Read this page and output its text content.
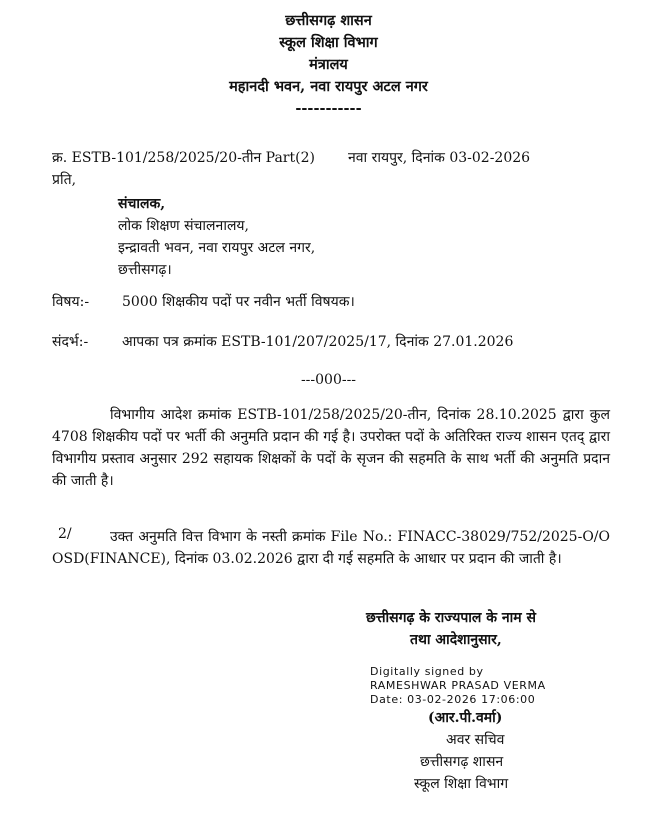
छत्तीसगढ़ शासन
स्कूल शिक्षा विभाग
मंत्रालय
महानदी भवन, नवा रायपुर अटल नगर
-----------
क्र. ESTB-101/258/2025/20-तीन Part(2) नवा रायपुर, दिनांक 03-02-2026
प्रति,
संचालक,
लोक शिक्षण संचालनालय,
इन्द्रावती भवन, नवा रायपुर अटल नगर,
छत्तीसगढ़।
विषय:- 5000 शिक्षकीय पदों पर नवीन भर्ती विषयक।
संदर्भ:- आपका पत्र क्रमांक ESTB-101/207/2025/17, दिनांक 27.01.2026
---000---
विभागीय आदेश क्रमांक ESTB-101/258/2025/20-तीन, दिनांक 28.10.2025 द्वारा कुल 4708 शिक्षकीय पदों पर भर्ती की अनुमति प्रदान की गई है। उपरोक्त पदों के अतिरिक्त राज्य शासन एतद् द्वारा विभागीय प्रस्ताव अनुसार 292 सहायक शिक्षकों के पदों के सृजन की सहमति के साथ भर्ती की अनुमति प्रदान की जाती है।
2/	उक्त अनुमति वित्त विभाग के नस्ती क्रमांक File No.: FINACC-38029/752/2025-O/O OSD(FINANCE), दिनांक 03.02.2026 द्वारा दी गई सहमति के आधार पर प्रदान की जाती है।
छत्तीसगढ़ के राज्यपाल के नाम से
तथा आदेशानुसार,
Digitally signed by
RAMESHWAR PRASAD VERMA
Date: 03-02-2026 17:06:00
(आर.पी.वर्मा)
अवर सचिव
छत्तीसगढ़ शासन
स्कूल शिक्षा विभाग
